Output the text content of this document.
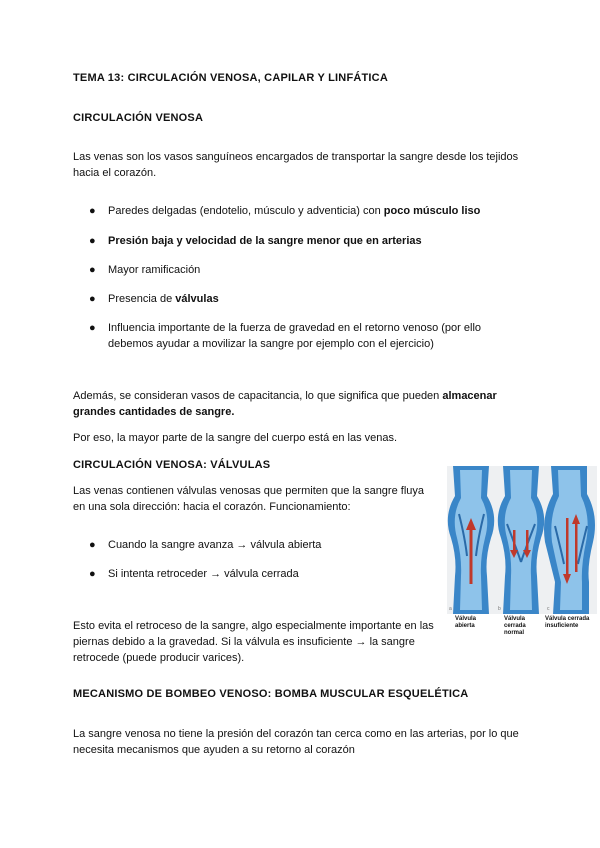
TEMA 13: CIRCULACIÓN VENOSA, CAPILAR Y LINFÁTICA
CIRCULACIÓN VENOSA
Las venas son los vasos sanguíneos encargados de transportar la sangre desde los tejidos hacia el corazón.
● Paredes delgadas (endotelio, músculo y adventicia) con poco músculo liso
● Presión baja y velocidad de la sangre menor que en arterias
● Mayor ramificación
● Presencia de válvulas
● Influencia importante de la fuerza de gravedad en el retorno venoso (por ello debemos ayudar a movilizar la sangre por ejemplo con el ejercicio)
Además, se consideran vasos de capacitancia, lo que significa que pueden almacenar grandes cantidades de sangre.
Por eso, la mayor parte de la sangre del cuerpo está en las venas.
CIRCULACIÓN VENOSA: VÁLVULAS
Las venas contienen válvulas venosas que permiten que la sangre fluya en una sola dirección: hacia el corazón. Funcionamiento:
● Cuando la sangre avanza → válvula abierta
● Si intenta retroceder → válvula cerrada
Esto evita el retroceso de la sangre, algo especialmente importante en las piernas debido a la gravedad. Si la válvula es insuficiente → la sangre retrocede (puede producir varices).
a	b	c
Válvula abierta
Válvula cerrada normal
Válvula cerrada insuficiente
MECANISMO DE BOMBEO VENOSO: BOMBA MUSCULAR ESQUELÉTICA
La sangre venosa no tiene la presión del corazón tan cerca como en las arterias, por lo que necesita mecanismos que ayuden a su retorno al corazón
